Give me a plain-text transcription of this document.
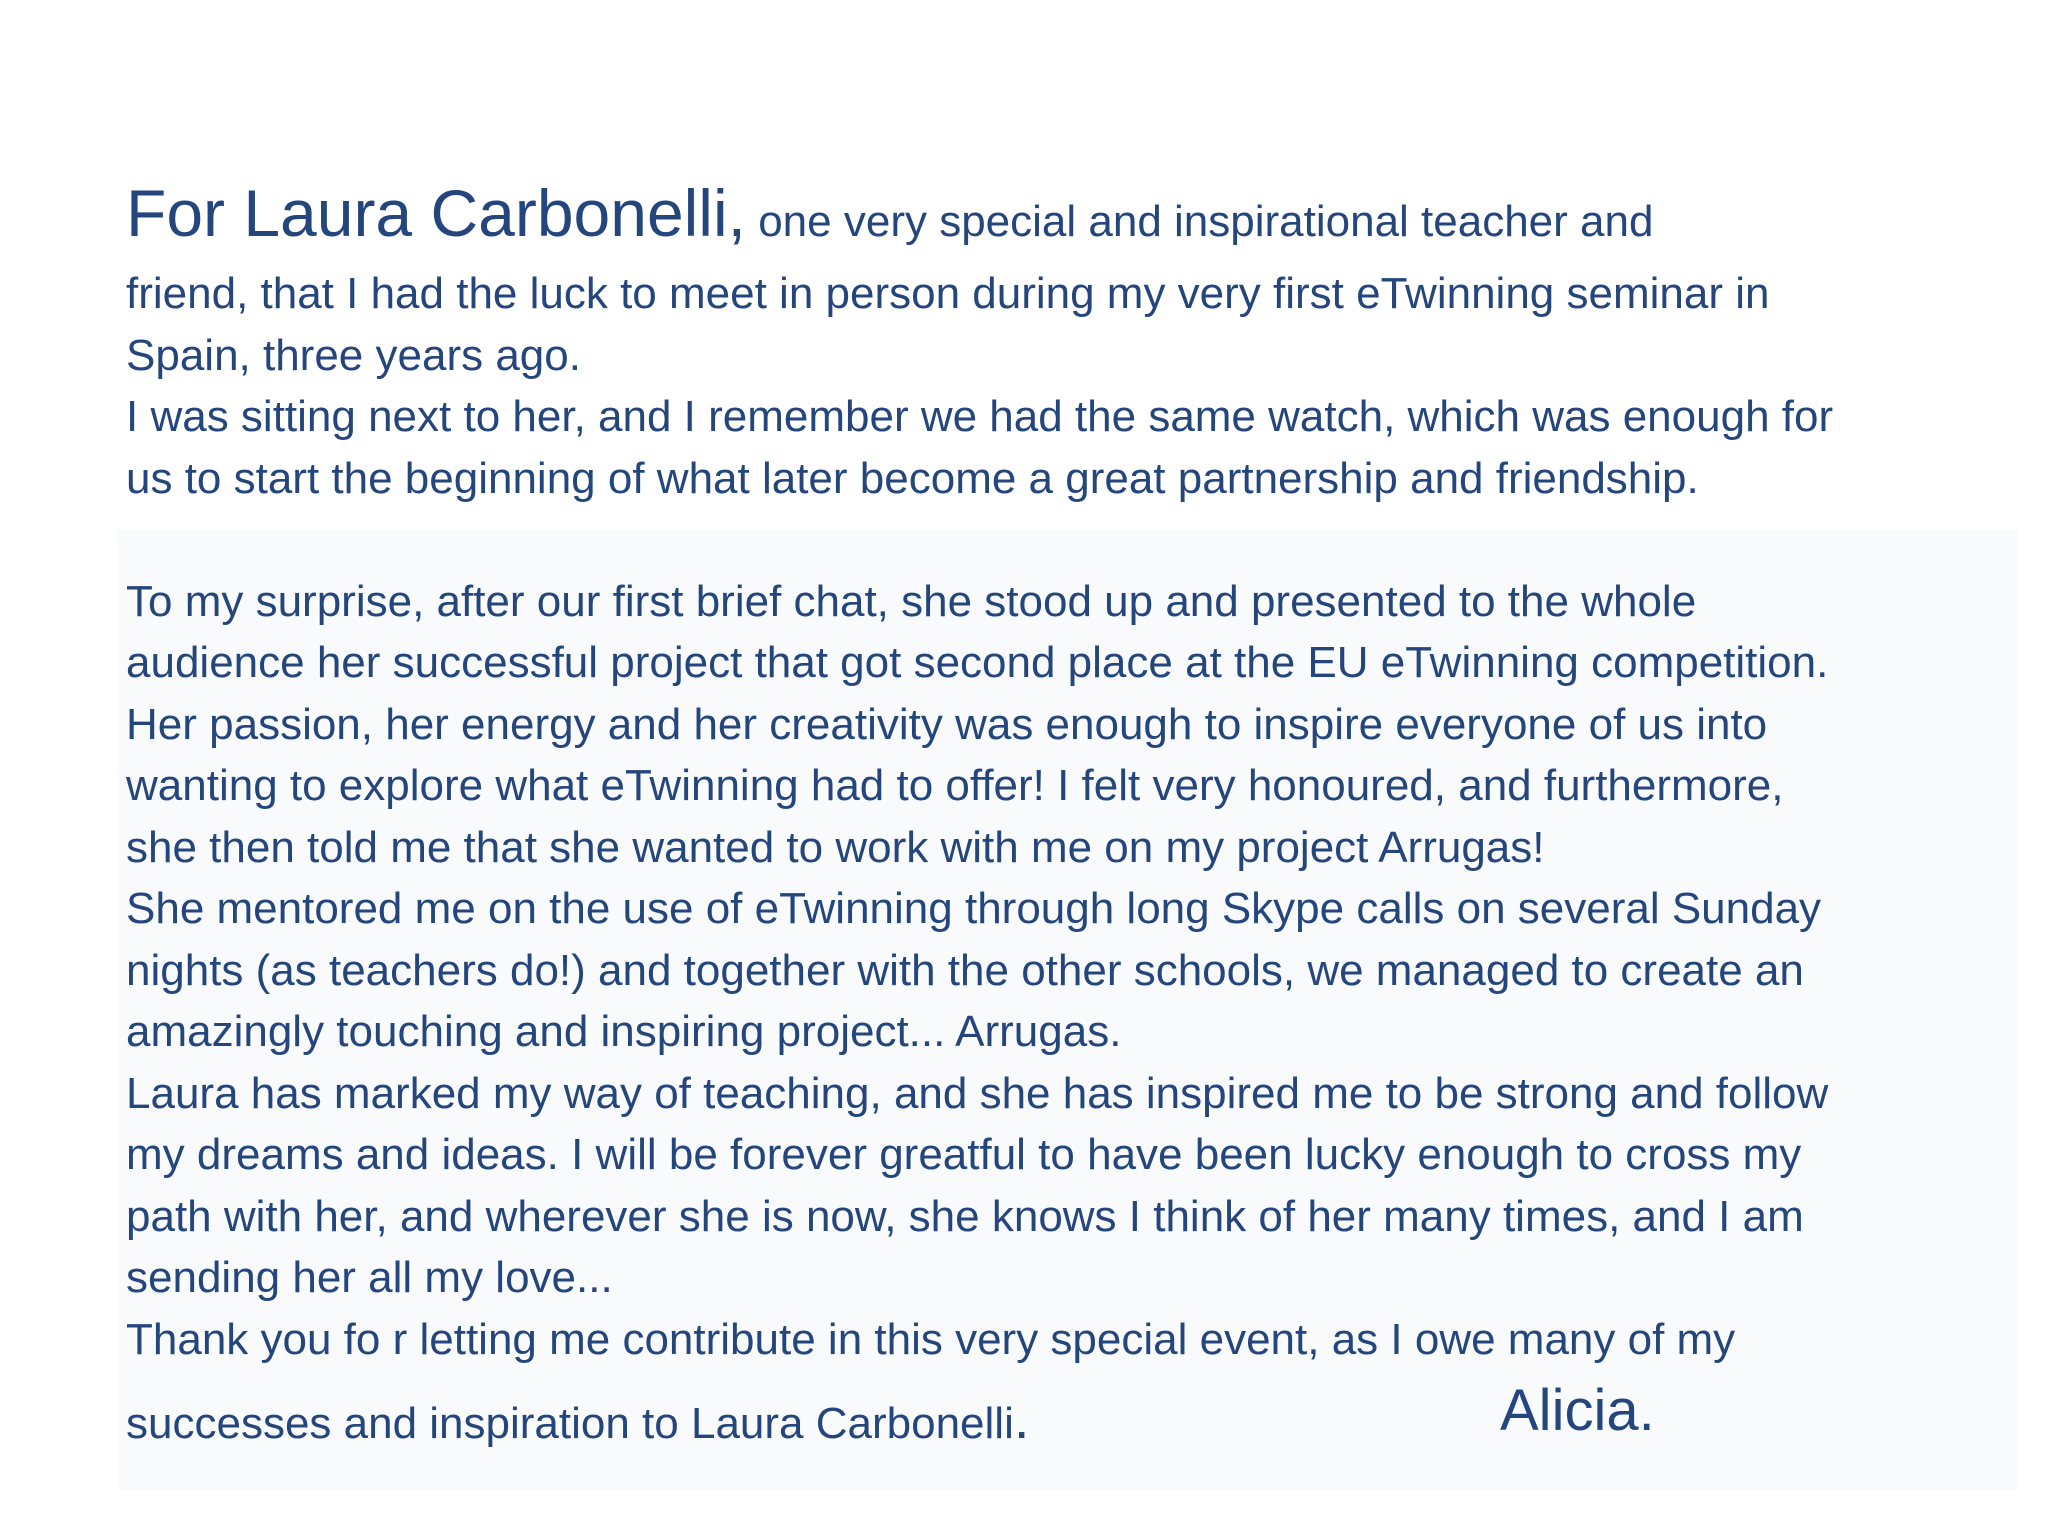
For Laura Carbonelli, one very special and inspirational teacher and
friend, that I had the luck to meet in person during my very first eTwinning seminar in
Spain, three years ago.
I was sitting next to her, and I remember we had the same watch, which was enough for
us to start the beginning of what later become a great partnership and friendship.
To my surprise, after our first brief chat, she stood up and presented to the whole
audience her successful project that got second place at the EU eTwinning competition.
Her passion, her energy and her creativity was enough to inspire everyone of us into
wanting to explore what eTwinning had to offer! I felt very honoured, and furthermore,
she then told me that she wanted to work with me on my project Arrugas!
She mentored me on the use of eTwinning through long Skype calls on several Sunday
nights (as teachers do!) and together with the other schools, we managed to create an
amazingly touching and inspiring project... Arrugas.
Laura has marked my way of teaching, and she has inspired me to be strong and follow
my dreams and ideas. I will be forever greatful to have been lucky enough to cross my
path with her, and wherever she is now, she knows I think of her many times, and I am
sending her all my love...
Thank you fo r letting me contribute in this very special event, as I owe many of my
successes and inspiration to Laura Carbonelli.	Alicia.
